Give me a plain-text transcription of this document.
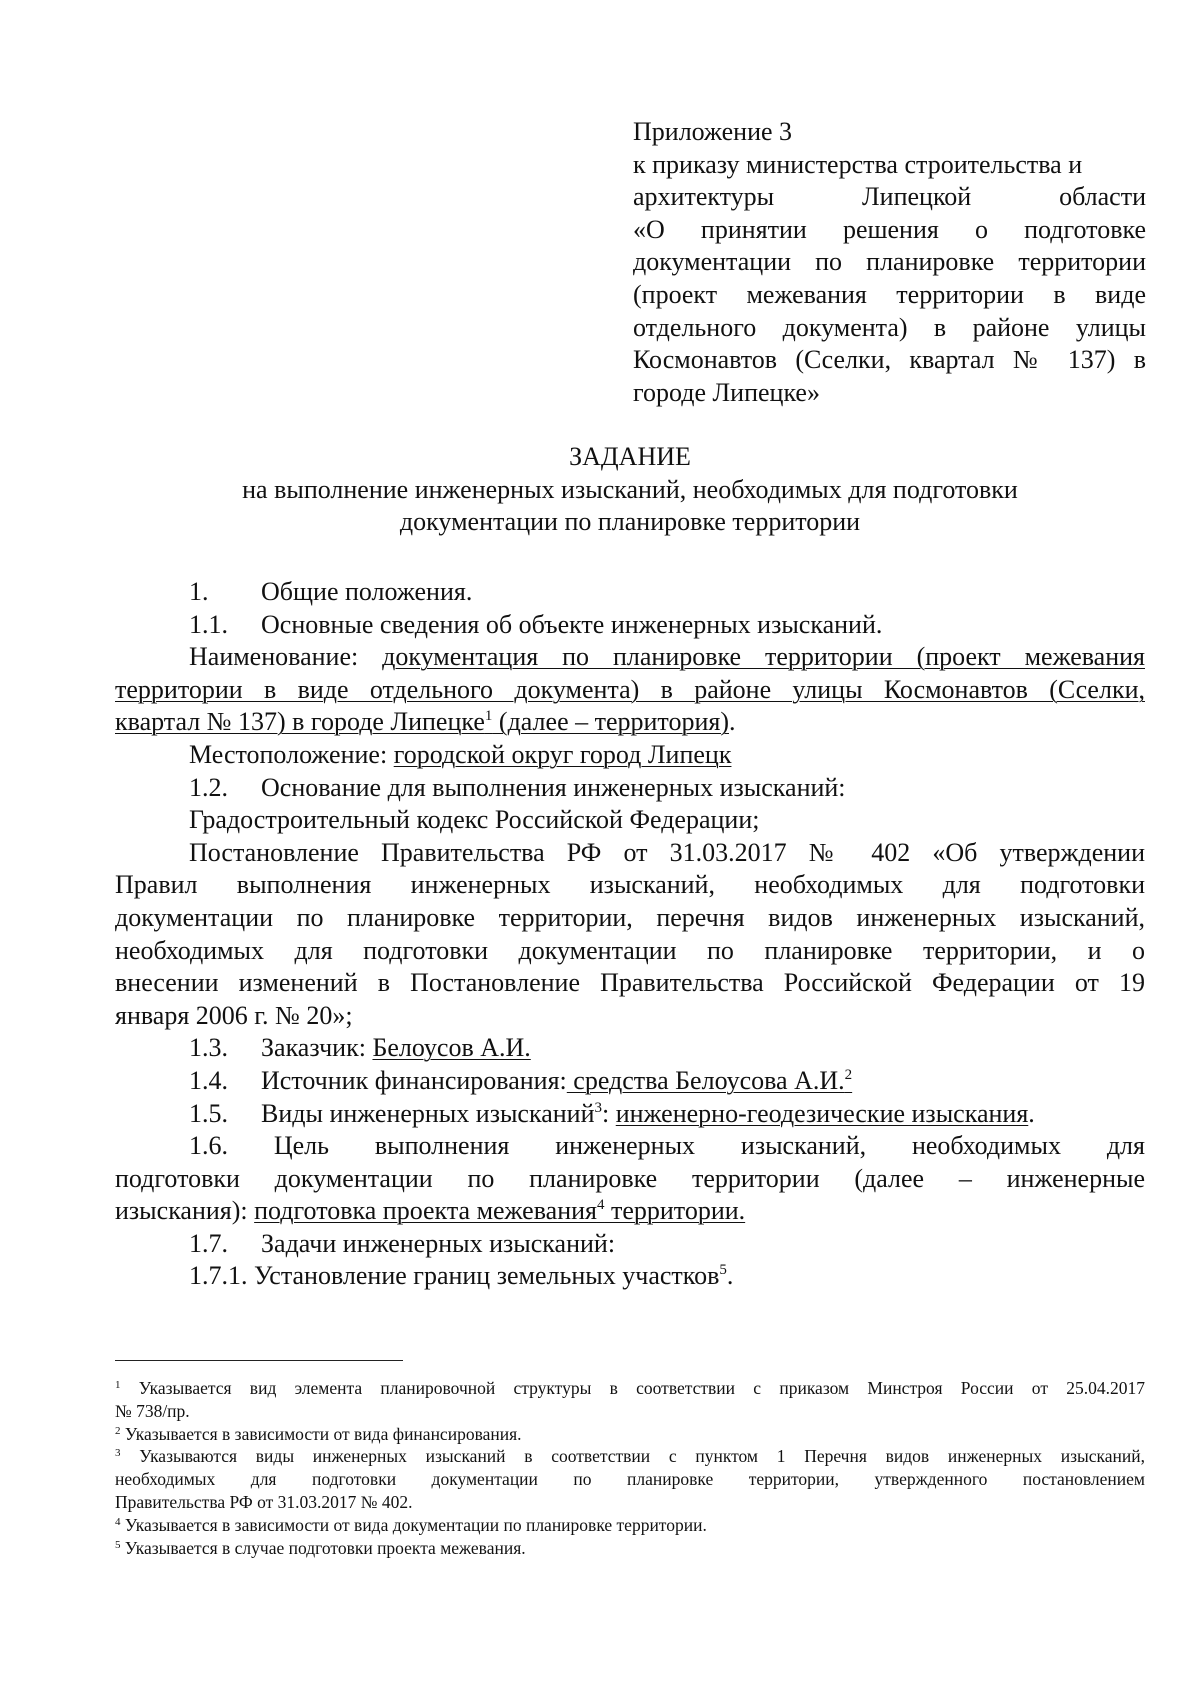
Приложение 3
к приказу министерства строительства и
архитектуры Липецкой области
«О принятии решения о подготовке
документации по планировке территории
(проект межевания территории в виде
отдельного документа) в районе улицы
Космонавтов (Сселки, квартал № 137) в
городе Липецке»
ЗАДАНИЕ
на выполнение инженерных изысканий, необходимых для подготовки
документации по планировке территории
1. Общие положения.
1.1. Основные сведения об объекте инженерных изысканий.
Наименование: документация по планировке территории (проект межевания
территории в виде отдельного документа) в районе улицы Космонавтов (Сселки,
квартал № 137) в городе Липецке$^1$ (далее – территория).
Местоположение: городской округ город Липецк
1.2. Основание для выполнения инженерных изысканий:
Градостроительный кодекс Российской Федерации;
Постановление Правительства РФ от 31.03.2017 № 402 «Об утверждении
Правил выполнения инженерных изысканий, необходимых для подготовки
документации по планировке территории, перечня видов инженерных изысканий,
необходимых для подготовки документации по планировке территории, и о
внесении изменений в Постановление Правительства Российской Федерации от 19
января 2006 г. № 20»;
1.3. Заказчик: Белоусов А.И.
1.4. Источник финансирования: средства Белоусова А.И.$^2$
1.5. Виды инженерных изысканий$^3$: инженерно-геодезические изыскания.
1.6. Цель выполнения инженерных изысканий, необходимых для
подготовки документации по планировке территории (далее – инженерные
изыскания): подготовка проекта межевания$^4$ территории.
1.7. Задачи инженерных изысканий:
1.7.1. Установление границ земельных участков$^5$.
$^1$ Указывается вид элемента планировочной структуры в соответствии с приказом Минстроя России от 25.04.2017
№ 738/пр.
$^2$ Указывается в зависимости от вида финансирования.
$^3$ Указываются виды инженерных изысканий в соответствии с пунктом 1 Перечня видов инженерных изысканий,
необходимых для подготовки документации по планировке территории, утвержденного постановлением
Правительства РФ от 31.03.2017 № 402.
$^4$ Указывается в зависимости от вида документации по планировке территории.
$^5$ Указывается в случае подготовки проекта межевания.
